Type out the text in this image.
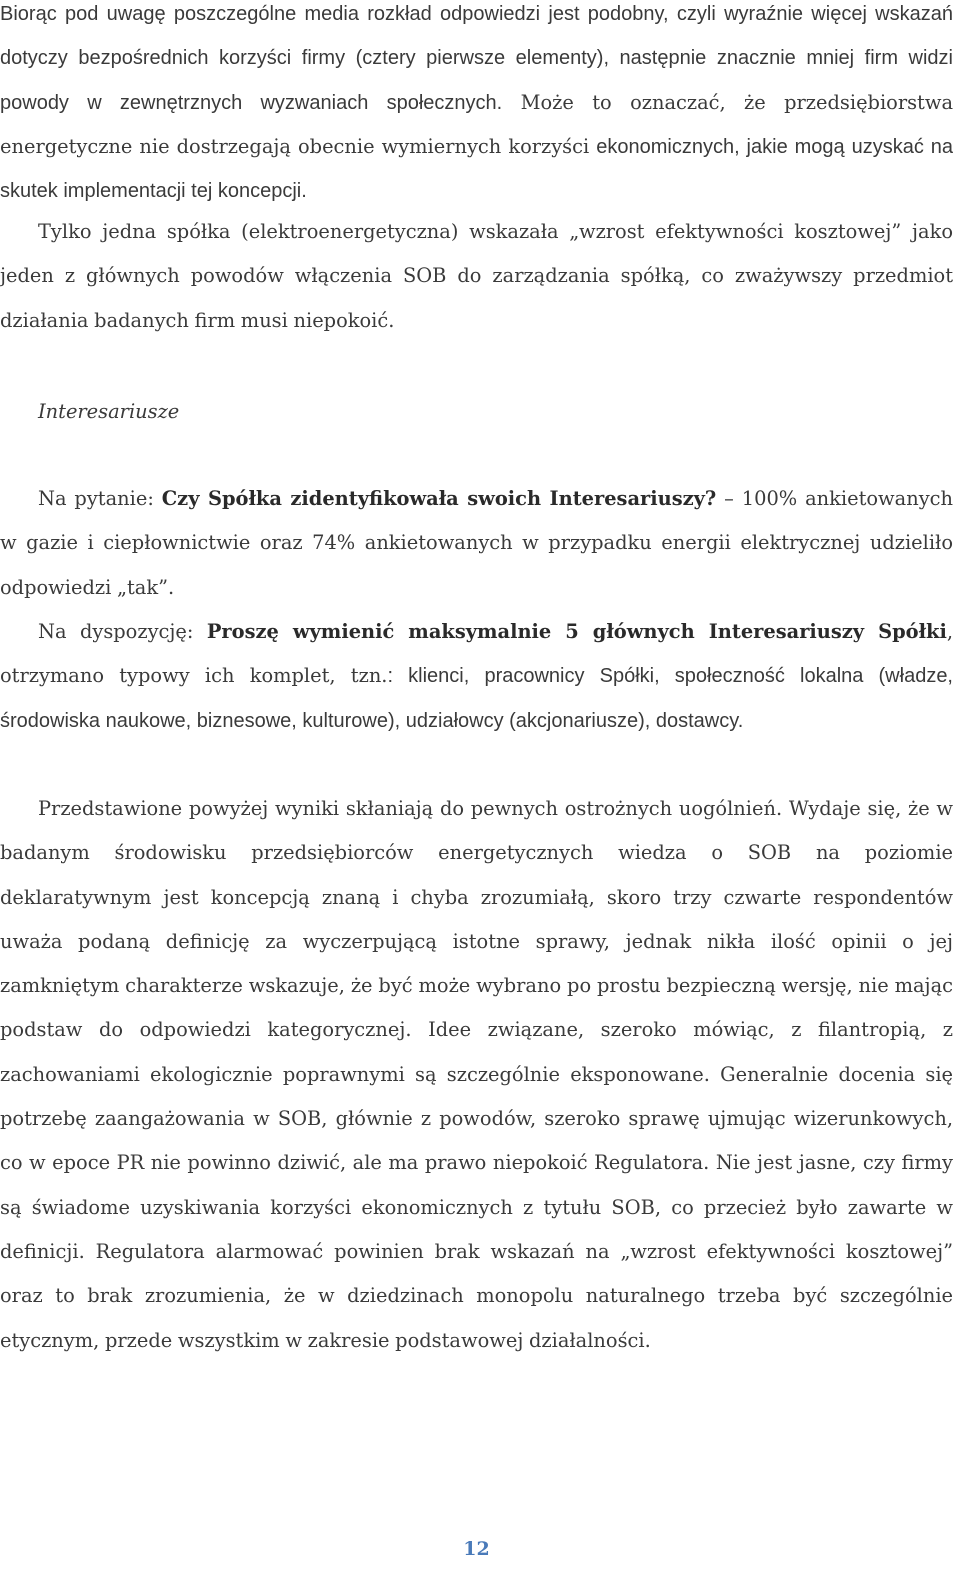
Biorąc pod uwagę poszczególne media rozkład odpowiedzi jest podobny, czyli wyraźnie więcej wskazań dotyczy bezpośrednich korzyści firmy (cztery pierwsze elementy), następnie znacznie mniej firm widzi powody w zewnętrznych wyzwaniach społecznych. Może to oznaczać, że przedsiębiorstwa energetyczne nie dostrzegają obecnie wymiernych korzyści ekonomicznych, jakie mogą uzyskać na skutek implementacji tej koncepcji.

Tylko jedna spółka (elektroenergetyczna) wskazała „wzrost efektywności kosztowej” jako jeden z głównych powodów włączenia SOB do zarządzania spółką, co zważywszy przedmiot działania badanych firm musi niepokoić.

Interesariusze

Na pytanie: Czy Spółka zidentyfikowała swoich Interesariuszy? – 100% ankietowanych w gazie i ciepłownictwie oraz 74% ankietowanych w przypadku energii elektrycznej udzieliło odpowiedzi „tak”.

Na dyspozycję: Proszę wymienić maksymalnie 5 głównych Interesariuszy Spółki, otrzymano typowy ich komplet, tzn.: klienci, pracownicy Spółki, społeczność lokalna (władze, środowiska naukowe, biznesowe, kulturowe), udziałowcy (akcjonariusze), dostawcy.

Przedstawione powyżej wyniki skłaniają do pewnych ostrożnych uogólnień. Wydaje się, że w badanym środowisku przedsiębiorców energetycznych wiedza o SOB na poziomie deklaratywnym jest koncepcją znaną i chyba zrozumiałą, skoro trzy czwarte respondentów uważa podaną definicję za wyczerpującą istotne sprawy, jednak nikła ilość opinii o jej zamkniętym charakterze wskazuje, że być może wybrano po prostu bezpieczną wersję, nie mając podstaw do odpowiedzi kategorycznej. Idee związane, szeroko mówiąc, z filantropią, z zachowaniami ekologicznie poprawnymi są szczególnie eksponowane. Generalnie docenia się potrzebę zaangażowania w SOB, głównie z powodów, szeroko sprawę ujmując wizerunkowych, co w epoce PR nie powinno dziwić, ale ma prawo niepokoić Regulatora. Nie jest jasne, czy firmy są świadome uzyskiwania korzyści ekonomicznych z tytułu SOB, co przecież było zawarte w definicji. Regulatora alarmować powinien brak wskazań na „wzrost efektywności kosztowej” oraz to brak zrozumienia, że w dziedzinach monopolu naturalnego trzeba być szczególnie etycznym, przede wszystkim w zakresie podstawowej działalności.

12
